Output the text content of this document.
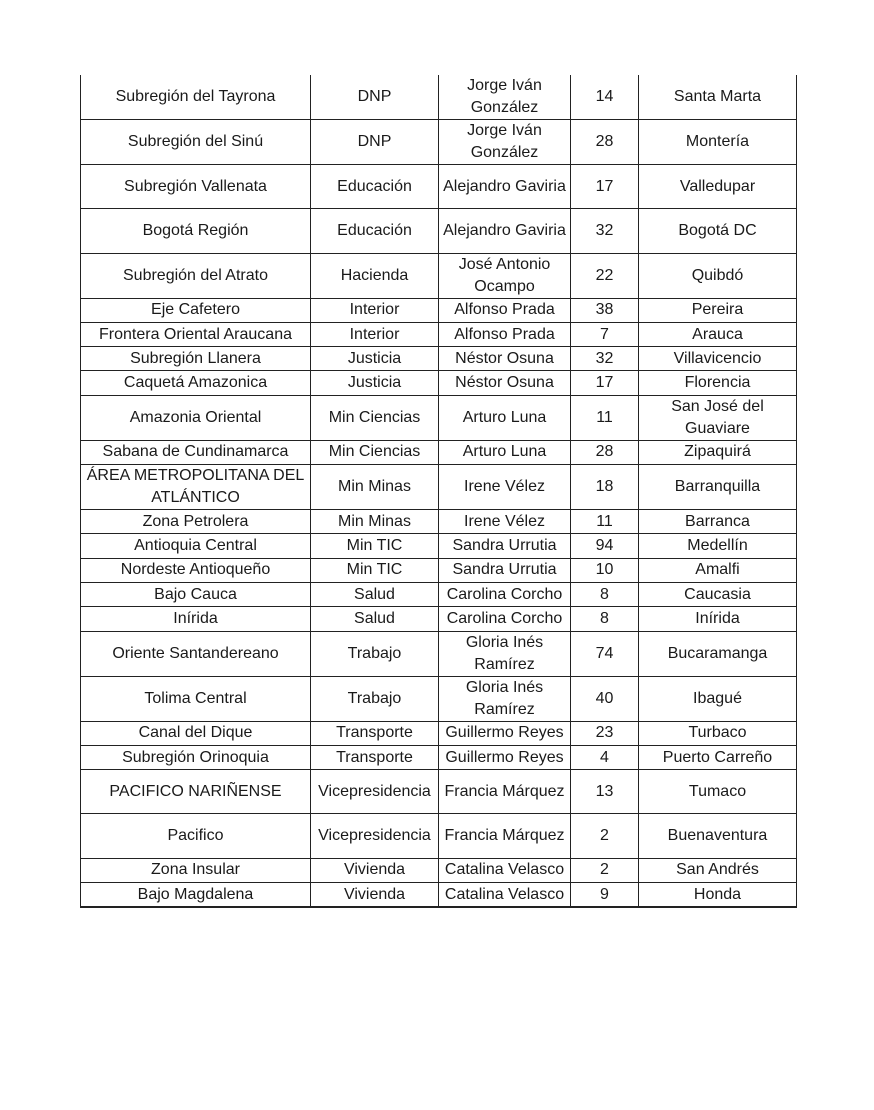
Subregión del Tayrona	DNP	Jorge Iván González	14	Santa Marta
Subregión del Sinú	DNP	Jorge Iván González	28	Montería
Subregión Vallenata	Educación	Alejandro Gaviria	17	Valledupar
Bogotá Región	Educación	Alejandro Gaviria	32	Bogotá DC
Subregión del Atrato	Hacienda	José Antonio Ocampo	22	Quibdó
Eje Cafetero	Interior	Alfonso Prada	38	Pereira
Frontera Oriental Araucana	Interior	Alfonso Prada	7	Arauca
Subregión Llanera	Justicia	Néstor Osuna	32	Villavicencio
Caquetá Amazonica	Justicia	Néstor Osuna	17	Florencia
Amazonia Oriental	Min Ciencias	Arturo Luna	11	San José del Guaviare
Sabana de Cundinamarca	Min Ciencias	Arturo Luna	28	Zipaquirá
ÁREA METROPOLITANA DEL ATLÁNTICO	Min Minas	Irene Vélez	18	Barranquilla
Zona Petrolera	Min Minas	Irene Vélez	11	Barranca
Antioquia Central	Min TIC	Sandra Urrutia	94	Medellín
Nordeste Antioqueño	Min TIC	Sandra Urrutia	10	Amalfi
Bajo Cauca	Salud	Carolina Corcho	8	Caucasia
Inírida	Salud	Carolina Corcho	8	Inírida
Oriente Santandereano	Trabajo	Gloria Inés Ramírez	74	Bucaramanga
Tolima Central	Trabajo	Gloria Inés Ramírez	40	Ibagué
Canal del Dique	Transporte	Guillermo Reyes	23	Turbaco
Subregión Orinoquia	Transporte	Guillermo Reyes	4	Puerto Carreño
PACIFICO NARIÑENSE	Vicepresidencia	Francia Márquez	13	Tumaco
Pacifico	Vicepresidencia	Francia Márquez	2	Buenaventura
Zona Insular	Vivienda	Catalina Velasco	2	San Andrés
Bajo Magdalena	Vivienda	Catalina Velasco	9	Honda
